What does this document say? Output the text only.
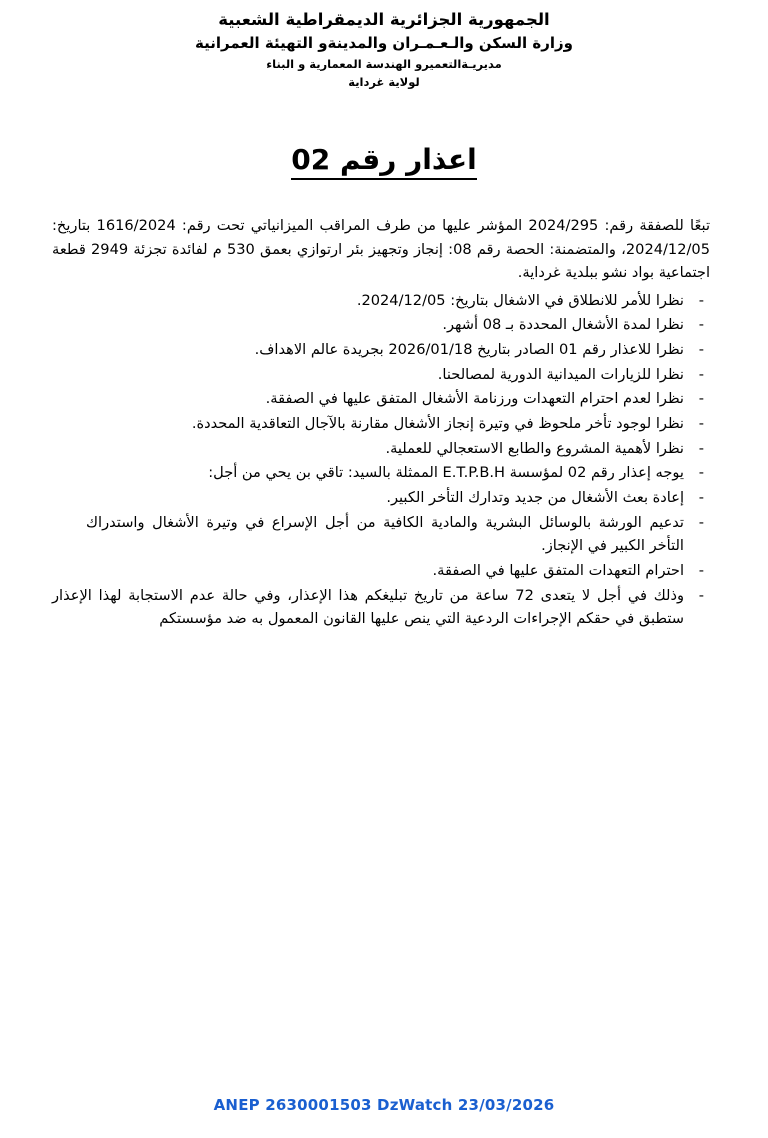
الجمهورية الجزائرية الديمقراطية الشعبية
وزارة السكن والـعـمـران والمدينةو التهيئة العمرانية
مديريـةالتعميرو الهندسة المعمارية و البناء
لولاية غرداية
اعذار رقم 02

تبعًا للصفقة رقم: 2024/295 المؤشر عليها من طرف المراقب الميزانياتي تحت رقم: 1616/2024 بتاريخ: 2024/12/05، والمتضمنة: الحصة رقم 08: إنجاز وتجهيز بئر ارتوازي بعمق 530 م لفائدة تجزئة 2949 قطعة اجتماعية بواد نشو ببلدية غرداية.

- نظرا للأمر للانطلاق في الاشغال بتاريخ: 2024/12/05.
- نظرا لمدة الأشغال المحددة بـ 08 أشهر.
- نظرا للاعذار رقم 01 الصادر بتاريخ 2026/01/18 بجريدة عالم الاهداف.
- نظرا للزيارات الميدانية الدورية لمصالحنا.
- نظرا لعدم احترام التعهدات ورزنامة الأشغال المتفق عليها في الصفقة.
- نظرا لوجود تأخر ملحوظ في وتيرة إنجاز الأشغال مقارنة بالآجال التعاقدية المحددة.
- نظرا لأهمية المشروع والطابع الاستعجالي للعملية.
- يوجه إعذار رقم 02 لمؤسسة E.T.P.B.H الممثلة بالسيد: تاقي بن يحي من أجل:
- إعادة بعث الأشغال من جديد وتدارك التأخر الكبير.
- تدعيم الورشة بالوسائل البشرية والمادية الكافية من أجل الإسراع في وتيرة الأشغال واستدراك التأخر الكبير في الإنجاز.
- احترام التعهدات المتفق عليها في الصفقة.
- وذلك في أجل لا يتعدى 72 ساعة من تاريخ تبليغكم هذا الإعذار، وفي حالة عدم الاستجابة لهذا الإعذار ستطبق في حقكم الإجراءات الردعية التي ينص عليها القانون المعمول به ضد مؤسستكم
ANEP 2630001503 DzWatch 23/03/2026
